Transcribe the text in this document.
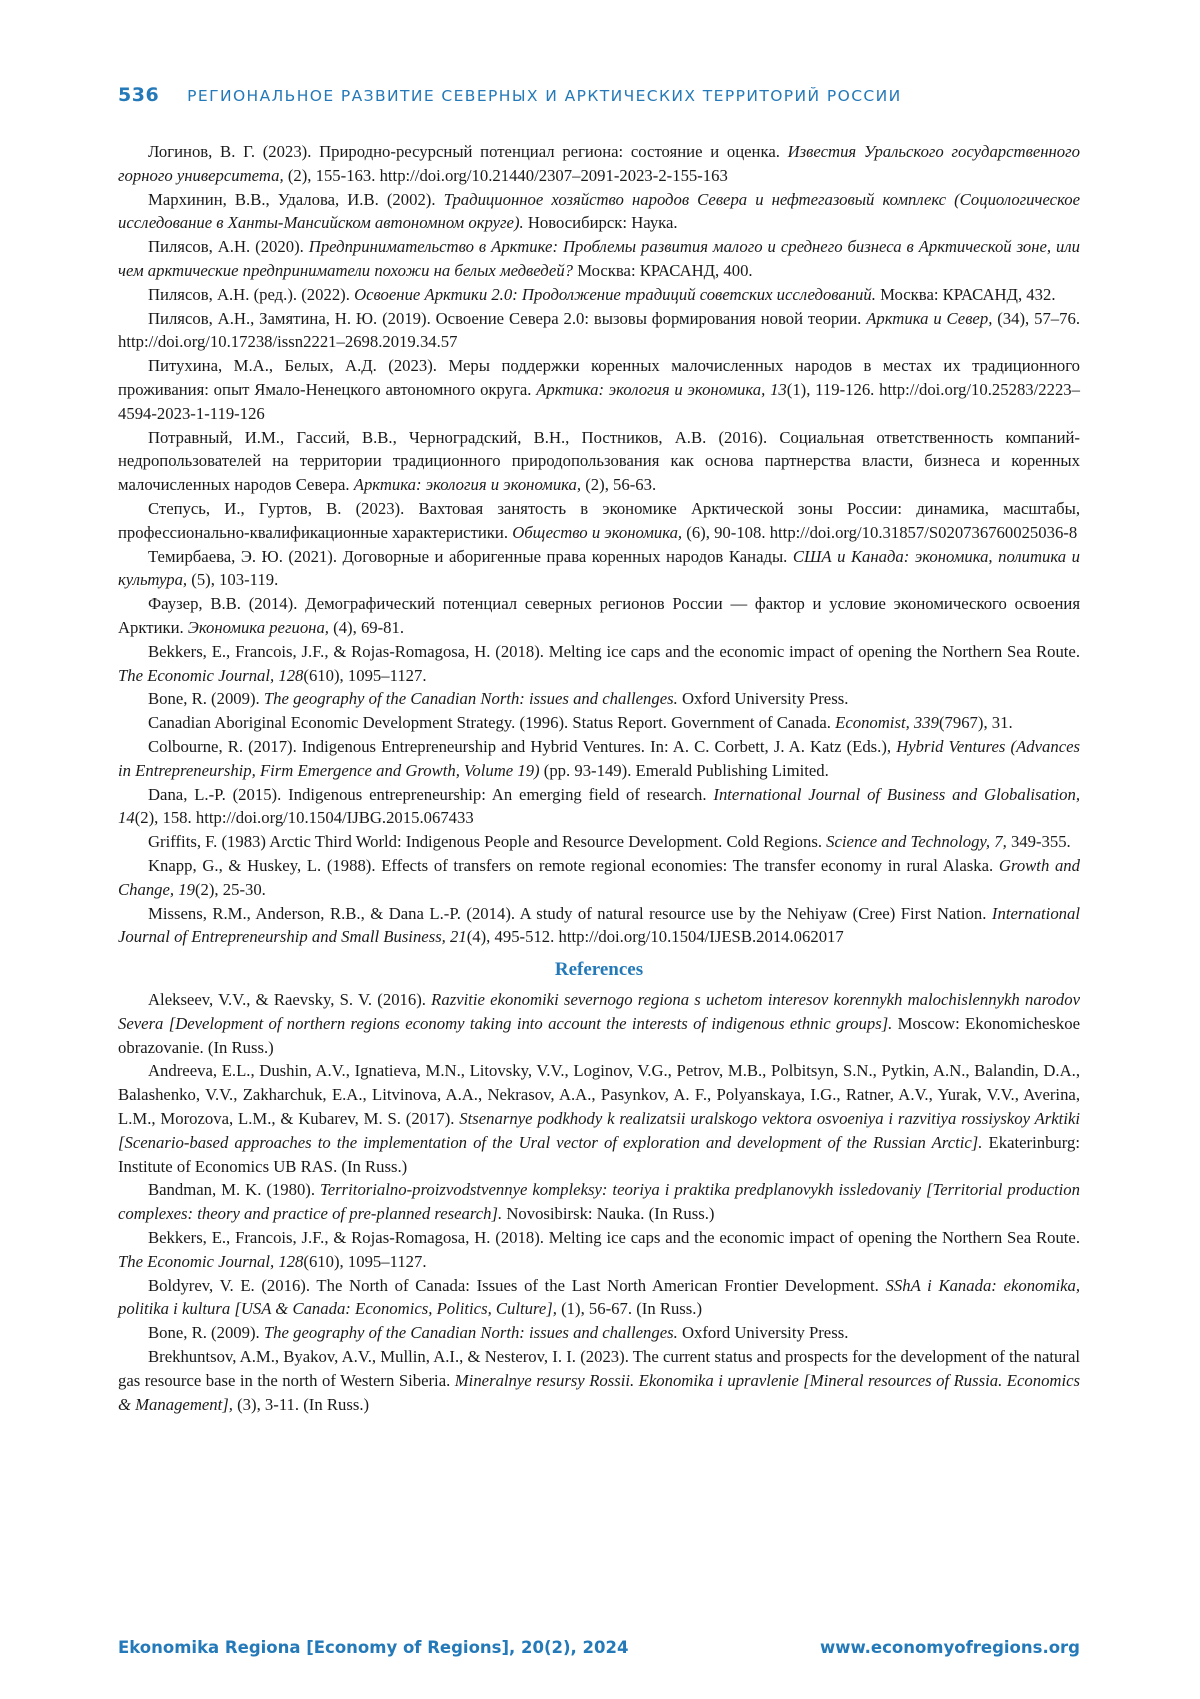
536 РЕГИОНАЛЬНОЕ РАЗВИТИЕ СЕВЕРНЫХ И АРКТИЧЕСКИХ ТЕРРИТОРИЙ РОССИИ

Логинов, В. Г. (2023). Природно-ресурсный потенциал региона: состояние и оценка. Известия Уральского государственного горного университета, (2), 155-163. http://doi.org/10.21440/2307–2091-2023-2-155-163

Мархинин, В.В., Удалова, И.В. (2002). Традиционное хозяйство народов Севера и нефтегазовый комплекс (Социологическое исследование в Ханты-Мансийском автономном округе). Новосибирск: Наука.

Пилясов, А.Н. (2020). Предпринимательство в Арктике: Проблемы развития малого и среднего бизнеса в Арктической зоне, или чем арктические предприниматели похожи на белых медведей? Москва: КРАСАНД, 400.

Пилясов, А.Н. (ред.). (2022). Освоение Арктики 2.0: Продолжение традиций советских исследований. Москва: КРАСАНД, 432.

Пилясов, А.Н., Замятина, Н. Ю. (2019). Освоение Севера 2.0: вызовы формирования новой теории. Арктика и Север, (34), 57–76. http://doi.org/10.17238/issn2221–2698.2019.34.57

Питухина, М.А., Белых, А.Д. (2023). Меры поддержки коренных малочисленных народов в местах их традиционного проживания: опыт Ямало-Ненецкого автономного округа. Арктика: экология и экономика, 13(1), 119-126. http://doi.org/10.25283/2223–4594-2023-1-119-126

Потравный, И.М., Гассий, В.В., Черноградский, В.Н., Постников, А.В. (2016). Социальная ответственность компаний-недропользователей на территории традиционного природопользования как основа партнерства власти, бизнеса и коренных малочисленных народов Севера. Арктика: экология и экономика, (2), 56-63.

Степусь, И., Гуртов, В. (2023). Вахтовая занятость в экономике Арктической зоны России: динамика, масштабы, профессионально-квалификационные характеристики. Общество и экономика, (6), 90-108. http://doi.org/10.31857/S020736760025036-8

Темирбаева, Э. Ю. (2021). Договорные и аборигенные права коренных народов Канады. США и Канада: экономика, политика и культура, (5), 103-119.

Фаузер, В.В. (2014). Демографический потенциал северных регионов России — фактор и условие экономического освоения Арктики. Экономика региона, (4), 69-81.

Bekkers, E., Francois, J.F., & Rojas-Romagosa, H. (2018). Melting ice caps and the economic impact of opening the Northern Sea Route. The Economic Journal, 128(610), 1095–1127.

Bone, R. (2009). The geography of the Canadian North: issues and challenges. Oxford University Press.

Canadian Aboriginal Economic Development Strategy. (1996). Status Report. Government of Canada. Economist, 339(7967), 31.

Colbourne, R. (2017). Indigenous Entrepreneurship and Hybrid Ventures. In: A. C. Corbett, J. A. Katz (Eds.), Hybrid Ventures (Advances in Entrepreneurship, Firm Emergence and Growth, Volume 19) (pp. 93-149). Emerald Publishing Limited.

Dana, L.-P. (2015). Indigenous entrepreneurship: An emerging field of research. International Journal of Business and Globalisation, 14(2), 158. http://doi.org/10.1504/IJBG.2015.067433

Griffits, F. (1983) Arctic Third World: Indigenous People and Resource Development. Cold Regions. Science and Technology, 7, 349-355.

Knapp, G., & Huskey, L. (1988). Effects of transfers on remote regional economies: The transfer economy in rural Alaska. Growth and Change, 19(2), 25-30.

Missens, R.M., Anderson, R.B., & Dana L.-P. (2014). A study of natural resource use by the Nehiyaw (Cree) First Nation. International Journal of Entrepreneurship and Small Business, 21(4), 495-512. http://doi.org/10.1504/IJESB.2014.062017

References

Alekseev, V.V., & Raevsky, S. V. (2016). Razvitie ekonomiki severnogo regiona s uchetom interesov korennykh malochislennykh narodov Severa [Development of northern regions economy taking into account the interests of indigenous ethnic groups]. Moscow: Ekonomicheskoe obrazovanie. (In Russ.)

Andreeva, E.L., Dushin, A.V., Ignatieva, M.N., Litovsky, V.V., Loginov, V.G., Petrov, M.B., Polbitsyn, S.N., Pytkin, A.N., Balandin, D.A., Balashenko, V.V., Zakharchuk, E.A., Litvinova, A.A., Nekrasov, A.A., Pasynkov, A. F., Polyanskaya, I.G., Ratner, A.V., Yurak, V.V., Averina, L.M., Morozova, L.M., & Kubarev, M. S. (2017). Stsenarnye podkhody k realizatsii uralskogo vektora osvoeniya i razvitiya rossiyskoy Arktiki [Scenario-based approaches to the implementation of the Ural vector of exploration and development of the Russian Arctic]. Ekaterinburg: Institute of Economics UB RAS. (In Russ.)

Bandman, M. K. (1980). Territorialno-proizvodstvennye kompleksy: teoriya i praktika predplanovykh issledovaniy [Territorial production complexes: theory and practice of pre-planned research]. Novosibirsk: Nauka. (In Russ.)

Bekkers, E., Francois, J.F., & Rojas-Romagosa, H. (2018). Melting ice caps and the economic impact of opening the Northern Sea Route. The Economic Journal, 128(610), 1095–1127.

Boldyrev, V. E. (2016). The North of Canada: Issues of the Last North American Frontier Development. SShA i Kanada: ekonomika, politika i kultura [USA & Canada: Economics, Politics, Culture], (1), 56-67. (In Russ.)

Bone, R. (2009). The geography of the Canadian North: issues and challenges. Oxford University Press.

Brekhuntsov, A.M., Byakov, A.V., Mullin, A.I., & Nesterov, I. I. (2023). The current status and prospects for the development of the natural gas resource base in the north of Western Siberia. Mineralnye resursy Rossii. Ekonomika i upravlenie [Mineral resources of Russia. Economics & Management], (3), 3-11. (In Russ.)

Ekonomika Regiona [Economy of Regions], 20(2), 2024	www.economyofregions.org
